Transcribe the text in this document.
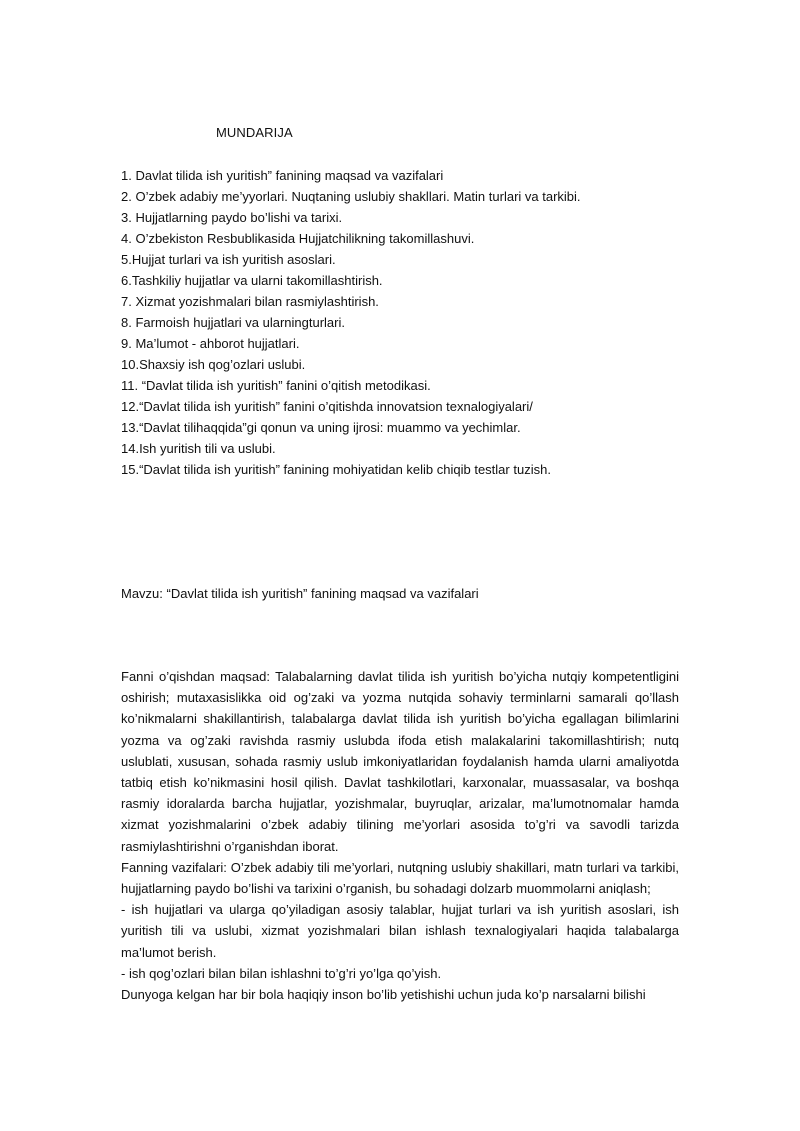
MUNDARIJA
1. Davlat tilida ish yuritish” fanining maqsad va vazifalari
2. O’zbek adabiy me’yyorlari. Nuqtaning uslubiy shakllari. Matin turlari va tarkibi.
3. Hujjatlarning paydo bo’lishi va tarixi.
4. O’zbekiston Resbublikasida Hujjatchilikning takomillashuvi.
5.Hujjat turlari va ish yuritish asoslari.
6.Tashkiliy hujjatlar va ularni takomillashtirish.
7. Xizmat yozishmalari bilan rasmiylashtirish.
8. Farmoish hujjatlari va ularningturlari.
9. Ma’lumot - ahborot hujjatlari.
10.Shaxsiy ish qog’ozlari uslubi.
11. “Davlat tilida ish yuritish” fanini o’qitish metodikasi.
12.“Davlat tilida ish yuritish” fanini o’qitishda innovatsion texnalogiyalari/
13.“Davlat tilihaqqida”gi qonun va uning ijrosi: muammo va yechimlar.
14.Ish yuritish tili va uslubi.
15.“Davlat tilida ish yuritish” fanining mohiyatidan kelib chiqib testlar tuzish.
Mavzu: “Davlat tilida ish yuritish” fanining maqsad va vazifalari

Fanni o’qishdan maqsad: Talabalarning davlat tilida ish yuritish bo’yicha nutqiy kompetentligini oshirish; mutaxasislikka oid og’zaki va yozma nutqida sohaviy terminlarni samarali qo’llash ko’nikmalarni shakillantirish, talabalarga davlat tilida ish yuritish bo’yicha egallagan bilimlarini yozma va og’zaki ravishda rasmiy uslubda ifoda etish malakalarini takomillashtirish; nutq uslublati, xususan, sohada rasmiy uslub imkoniyatlaridan foydalanish hamda ularni amaliyotda tatbiq etish ko’nikmasini hosil qilish. Davlat tashkilotlari, karxonalar, muassasalar, va boshqa rasmiy idoralarda barcha hujjatlar, yozishmalar, buyruqlar, arizalar, ma’lumotnomalar hamda xizmat yozishmalarini o’zbek adabiy tilining me’yorlari asosida to’g’ri va savodli tarizda rasmiylashtirishni o’rganishdan iborat.

Fanning vazifalari: O’zbek adabiy tili me’yorlari, nutqning uslubiy shakillari, matn turlari va tarkibi, hujjatlarning paydo bo’lishi va tarixini o’rganish, bu sohadagi dolzarb muommolarni aniqlash;

- ish hujjatlari va ularga qo’yiladigan asosiy talablar, hujjat turlari va ish yuritish asoslari, ish yuritish tili va uslubi, xizmat yozishmalari bilan ishlash texnalogiyalari haqida talabalarga ma’lumot berish.

- ish qog’ozlari bilan bilan ishlashni to’g’ri yo’lga qo’yish.

Dunyoga kelgan har bir bola haqiqiy inson bo’lib yetishishi uchun juda ko’p narsalarni bilishi
